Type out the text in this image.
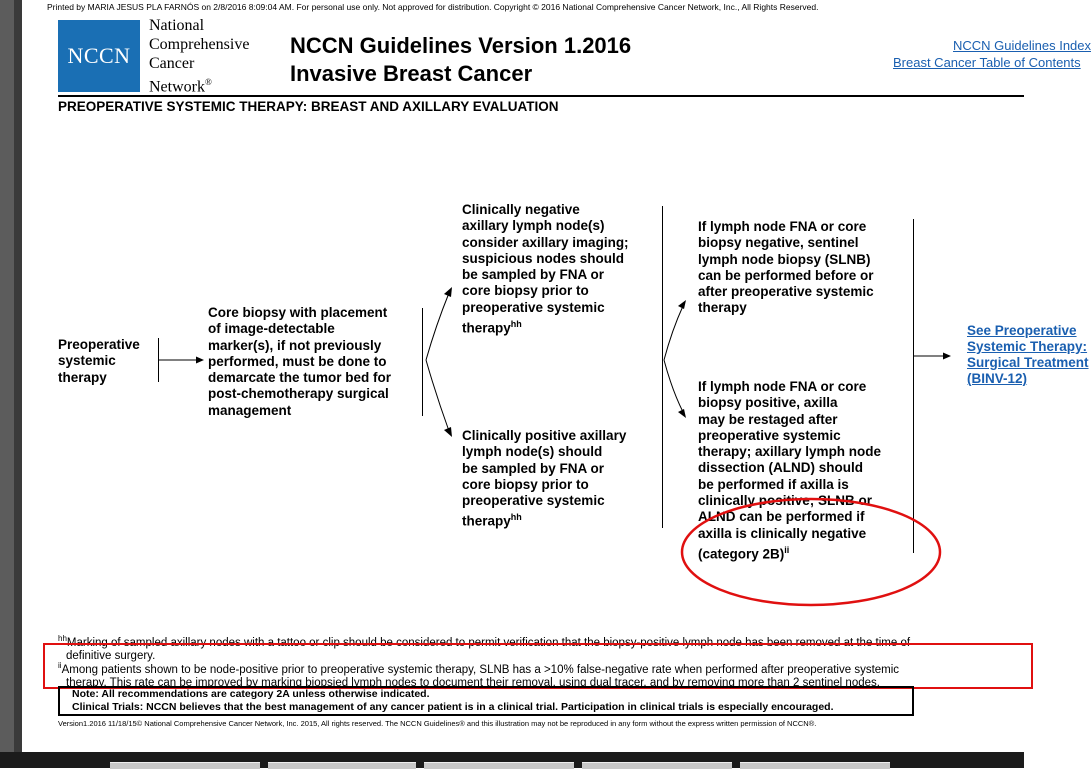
Printed by MARIA JESUS PLA FARNÓS on 2/8/2016 8:09:04 AM. For personal use only. Not approved for distribution. Copyright © 2016 National Comprehensive Cancer Network, Inc., All Rights Reserved.
NCCN
National
Comprehensive
Cancer
Network®
NCCN Guidelines Version 1.2016
Invasive Breast Cancer
NCCN Guidelines Index
Breast Cancer Table of Contents
PREOPERATIVE SYSTEMIC THERAPY: BREAST AND AXILLARY EVALUATION
Preoperative
systemic
therapy
Core biopsy with placement
of image-detectable
marker(s), if not previously
performed, must be done to
demarcate the tumor bed for
post-chemotherapy surgical
management
Clinically negative
axillary lymph node(s)
consider axillary imaging;
suspicious nodes should
be sampled by FNA or
core biopsy prior to
preoperative systemic
therapy$^{hh}$
Clinically positive axillary
lymph node(s) should
be sampled by FNA or
core biopsy prior to
preoperative systemic
therapy$^{hh}$
If lymph node FNA or core
biopsy negative, sentinel
lymph node biopsy (SLNB)
can be performed before or
after preoperative systemic
therapy
If lymph node FNA or core
biopsy positive, axilla
may be restaged after
preoperative systemic
therapy; axillary lymph node
dissection (ALND) should
be performed if axilla is
clinically positive; SLNB or
ALND can be performed if
axilla is clinically negative
(category 2B)$^{ii}$
See Preoperative
Systemic Therapy:
Surgical Treatment
(BINV-12)
$^{hh}$Marking of sampled axillary nodes with a tattoo or clip should be considered to permit verification that the biopsy-positive lymph node has been removed at the time of
definitive surgery.
$^{ii}$Among patients shown to be node-positive prior to preoperative systemic therapy, SLNB has a >10% false-negative rate when performed after preoperative systemic
therapy. This rate can be improved by marking biopsied lymph nodes to document their removal, using dual tracer, and by removing more than 2 sentinel nodes.
Note: All recommendations are category 2A unless otherwise indicated.
Clinical Trials: NCCN believes that the best management of any cancer patient is in a clinical trial. Participation in clinical trials is especially encouraged.
Version1.2016 11/18/15© National Comprehensive Cancer Network, Inc. 2015, All rights reserved. The NCCN Guidelines® and this illustration may not be reproduced in any form without the express written permission of NCCN®.
